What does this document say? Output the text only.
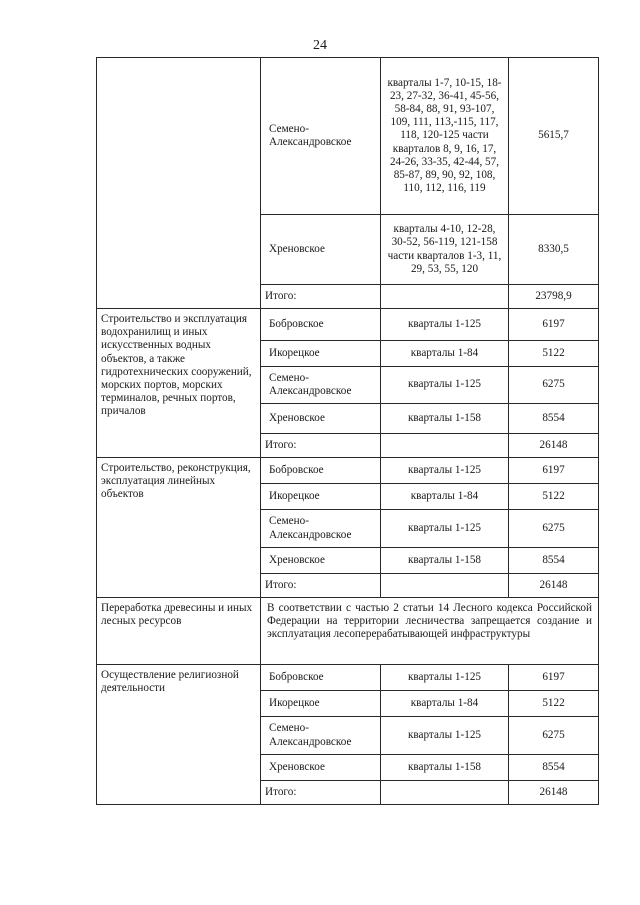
24
	Семено-Александровское	кварталы 1-7, 10-15, 18-23, 27-32, 36-41, 45-56, 58-84, 88, 91, 93-107, 109, 111, 113,-115, 117, 118, 120-125 части кварталов 8, 9, 16, 17, 24-26, 33-35, 42-44, 57, 85-87, 89, 90, 92, 108, 110, 112, 116, 119	5615,7
	Хреновское	кварталы 4-10, 12-28, 30-52, 56-119, 121-158 части кварталов 1-3, 11, 29, 53, 55, 120	8330,5
	Итого:		23798,9
Строительство и эксплуатация водохранилищ и иных искусственных водных объектов, а также гидротехнических сооружений, морских портов, морских терминалов, речных портов, причалов	Бобровское	кварталы 1-125	6197
	Икорецкое	кварталы 1-84	5122
	Семено-Александровское	кварталы 1-125	6275
	Хреновское	кварталы 1-158	8554
	Итого:		26148
Строительство, реконструкция, эксплуатация линейных объектов	Бобровское	кварталы 1-125	6197
	Икорецкое	кварталы 1-84	5122
	Семено-Александровское	кварталы 1-125	6275
	Хреновское	кварталы 1-158	8554
	Итого:		26148
Переработка древесины и иных лесных ресурсов	В соответствии с частью 2 статьи 14 Лесного кодекса Российской Федерации на территории лесничества запрещается создание и эксплуатация лесоперерабатывающей инфраструктуры		
Осуществление религиозной деятельности	Бобровское	кварталы 1-125	6197
	Икорецкое	кварталы 1-84	5122
	Семено-Александровское	кварталы 1-125	6275
	Хреновское	кварталы 1-158	8554
	Итого:		26148
